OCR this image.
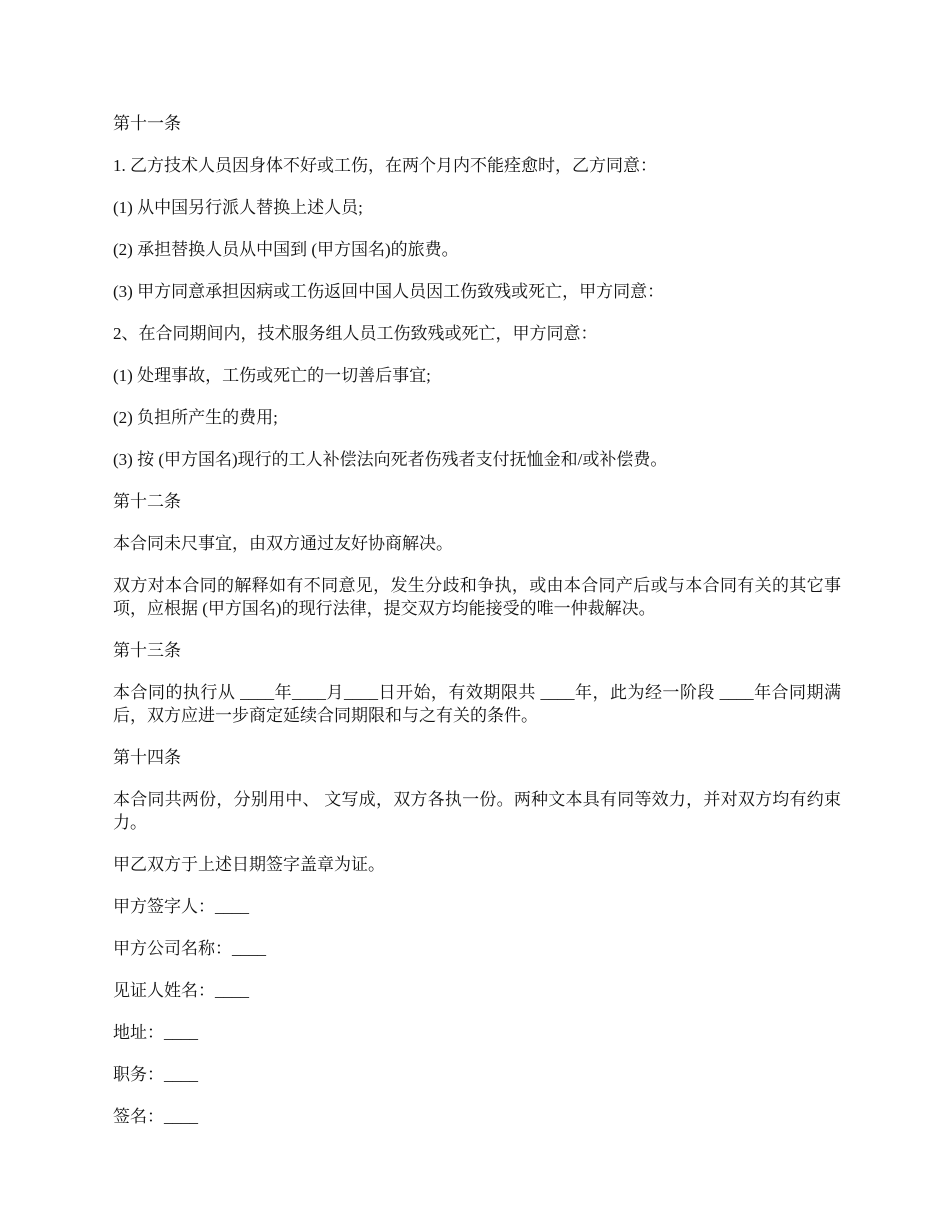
第十一条

1. 乙方技术人员因身体不好或工伤，在两个月内不能痊愈时，乙方同意：

(1) 从中国另行派人替换上述人员;

(2) 承担替换人员从中国到 (甲方国名)的旅费。

(3) 甲方同意承担因病或工伤返回中国人员因工伤致残或死亡，甲方同意：

2、在合同期间内，技术服务组人员工伤致残或死亡，甲方同意：

(1) 处理事故，工伤或死亡的一切善后事宜;

(2) 负担所产生的费用;

(3) 按 (甲方国名)现行的工人补偿法向死者伤残者支付抚恤金和/或补偿费。

第十二条

本合同未尺事宜，由双方通过友好协商解决。

双方对本合同的解释如有不同意见，发生分歧和争执，或由本合同产后或与本合同有关的其它事项，应根据 (甲方国名)的现行法律，提交双方均能接受的唯一仲裁解决。

第十三条

本合同的执行从 ____年____月____日开始，有效期限共 ____年，此为经一阶段 ____年合同期满后，双方应进一步商定延续合同期限和与之有关的条件。

第十四条

本合同共两份，分别用中、 文写成，双方各执一份。两种文本具有同等效力，并对双方均有约束力。

甲乙双方于上述日期签字盖章为证。

甲方签字人：____

甲方公司名称：____

见证人姓名：____

地址：____

职务：____

签名：____
